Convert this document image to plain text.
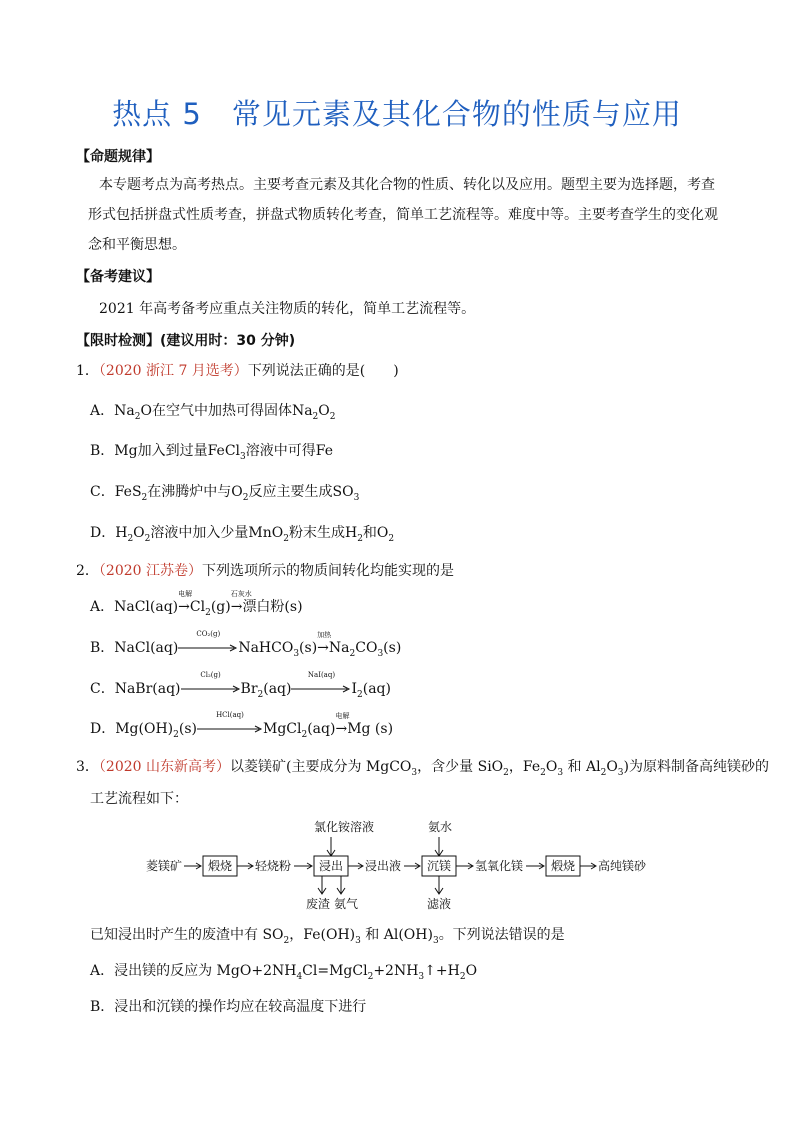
热点 5　常见元素及其化合物的性质与应用
【命题规律】
本专题考点为高考热点。主要考查元素及其化合物的性质、转化以及应用。题型主要为选择题，考查形式包括拼盘式性质考查，拼盘式物质转化考查，简单工艺流程等。难度中等。主要考查学生的变化观念和平衡思想。
【备考建议】
2021 年高考备考应重点关注物质的转化，简单工艺流程等。
【限时检测】(建议用时：30 分钟)
1．（2020 浙江 7 月选考）下列说法正确的是(　　)
A．$Na_2O$在空气中加热可得固体$Na_2O_2$
B．Mg加入到过量FeCl$_3$溶液中可得Fe
C．FeS$_2$在沸腾炉中与$O_2$反应主要生成$SO_3$
D．$H_2O_2$溶液中加入少量MnO$_2$粉末生成$H_2$和$O_2$
2．（2020 江苏卷）下列选项所示的物质间转化均能实现的是
A．NaCl(aq)
电解
$\to Cl_2(g)$
石灰水
→漂白粉(s)
B．NaCl(aq)
CO₂(g)
NaHCO$_3$(s)
加热
$\to Na_2CO_3(s)$
C．NaBr(aq)
Cl₂(g)
$Br_2(aq)$
NaI(aq)
$I_2(aq)$
D．$Mg(OH)_2(s)$
HCl(aq)
MgCl$_2$(aq)
电解
→Mg (s)
3．（2020 山东新高考）以菱镁矿(主要成分为 MgCO$_3$，含少量 SiO$_2$，$Fe_2O_3$ 和 $Al_2O_3$)为原料制备高纯镁砂的
工艺流程如下：
氯化铵溶液	氨水
菱镁矿 煅烧 轻烧粉 浸出 浸出液 沉镁 氢氧化镁 煅烧 高纯镁砂
废渣 氨气	滤液
已知浸出时产生的废渣中有 $SO_2$，$Fe(OH)_3$ 和 $Al(OH)_3$。下列说法错误的是
A．浸出镁的反应为 $MgO+2NH_4Cl=MgCl_2+2NH_3↑+H_2O$
B．浸出和沉镁的操作均应在较高温度下进行
